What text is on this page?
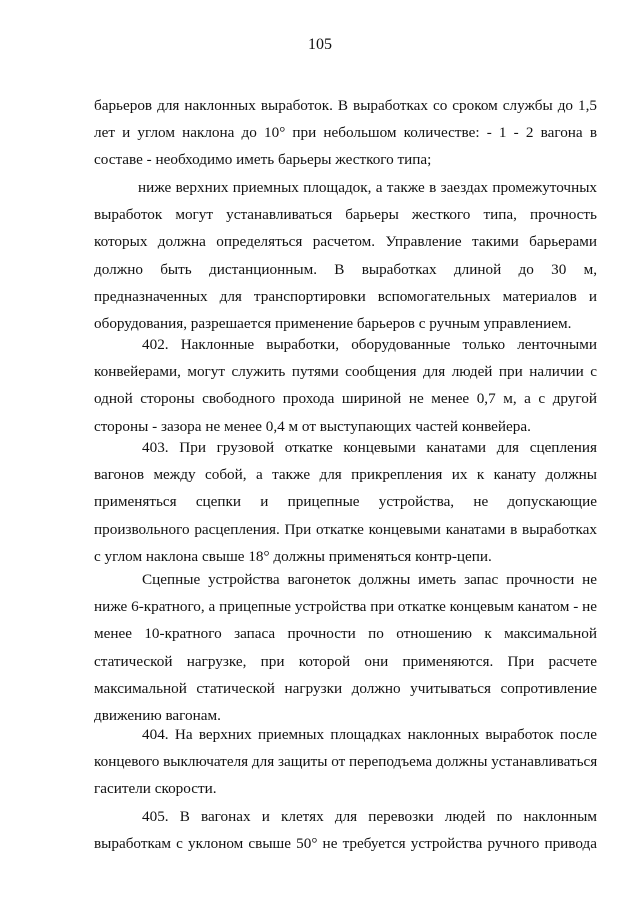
105
барьеров для наклонных выработок. В выработках со сроком службы до 1,5
лет и углом наклона до 10° при небольшом количестве: - 1 - 2 вагона в
составе - необходимо иметь барьеры жесткого типа;
ниже верхних приемных площадок, а также в заездах промежуточных
выработок могут устанавливаться барьеры жесткого типа, прочность
которых должна определяться расчетом. Управление такими барьерами
должно быть дистанционным. В выработках длиной до 30 м,
предназначенных для транспортировки вспомогательных материалов и
оборудования, разрешается применение барьеров с ручным управлением.
402. Наклонные выработки, оборудованные только ленточными
конвейерами, могут служить путями сообщения для людей при наличии с
одной стороны свободного прохода шириной не менее 0,7 м, а с другой
стороны - зазора не менее 0,4 м от выступающих частей конвейера.
403. При грузовой откатке концевыми канатами для сцепления
вагонов между собой, а также для прикрепления их к канату должны
применяться сцепки и прицепные устройства, не допускающие
произвольного расцепления. При откатке концевыми канатами в выработках
с углом наклона свыше 18° должны применяться контр-цепи.
Сцепные устройства вагонеток должны иметь запас прочности не
ниже 6-кратного, а прицепные устройства при откатке концевым канатом - не
менее 10-кратного запаса прочности по отношению к максимальной
статической нагрузке, при которой они применяются. При расчете
максимальной статической нагрузки должно учитываться сопротивление
движению вагонам.
404. На верхних приемных площадках наклонных выработок после
концевого выключателя для защиты от переподъема должны устанавливаться
гасители скорости.
405. В вагонах и клетях для перевозки людей по наклонным
выработкам с уклоном свыше 50° не требуется устройства ручного привода
